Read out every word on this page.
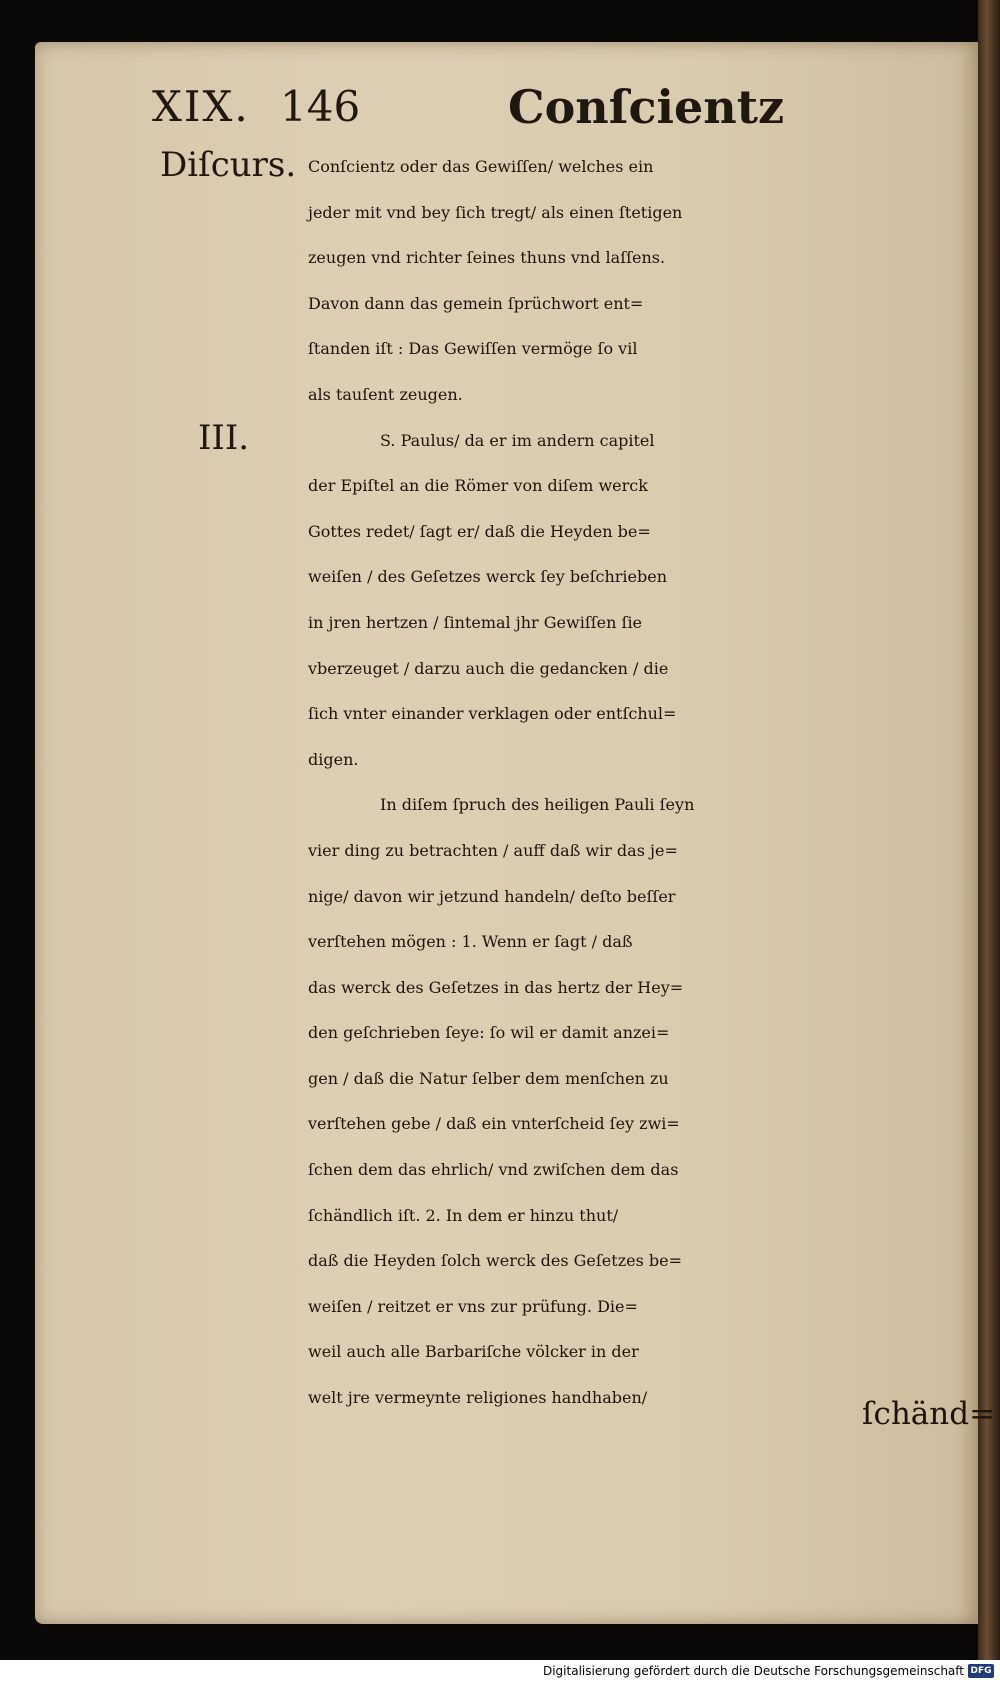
XIX. 146	Conſcientz
Diſcurs.
III.
Conſcientz oder das Gewiſſen/ welches ein
jeder mit vnd bey ſich tregt/ als einen ſtetigen
zeugen vnd richter ſeines thuns vnd laſſens.
Davon dann das gemein ſprüchwort ent=
ſtanden iſt : Das Gewiſſen vermöge ſo vil
als tauſent zeugen.
S. Paulus/ da er im andern capitel
der Epiſtel an die Römer von diſem werck
Gottes redet/ ſagt er/ daß die Heyden be=
weiſen / des Geſetzes werck ſey beſchrieben
in jren hertzen / ſintemal jhr Gewiſſen ſie
vberzeuget / darzu auch die gedancken / die
ſich vnter einander verklagen oder entſchul=
digen.
In diſem ſpruch des heiligen Pauli ſeyn
vier ding zu betrachten / auff daß wir das je=
nige/ davon wir jetzund handeln/ deſto beſſer
verſtehen mögen : 1. Wenn er ſagt / daß
das werck des Geſetzes in das hertz der Hey=
den geſchrieben ſeye: ſo wil er damit anzei=
gen / daß die Natur ſelber dem menſchen zu
verſtehen gebe / daß ein vnterſcheid ſey zwi=
ſchen dem das ehrlich/ vnd zwiſchen dem das
ſchändlich iſt. 2. In dem er hinzu thut/
daß die Heyden ſolch werck des Geſetzes be=
weiſen / reitzet er vns zur prüfung. Die=
weil auch alle Barbariſche völcker in der
welt jre vermeynte religiones handhaben/	ſchänd=
Digitalisierung gefördert durch die Deutsche Forschungsgemeinschaft DFG
